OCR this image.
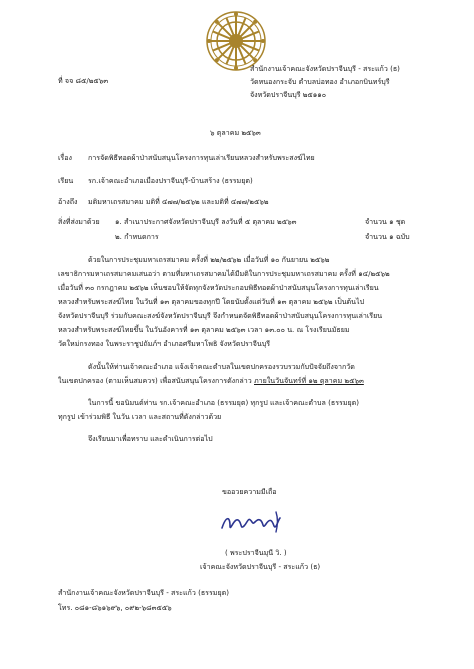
ที่ จจ ๘๕/๒๕๖๓
สำนักงานเจ้าคณะจังหวัดปราจีนบุรี - สระแก้ว (ธ)
วัดหนองกระจับ ตำบลบ่อทอง อำเภอกบินทร์บุรี
จังหวัดปราจีนบุรี ๒๕๑๑๐
๖ ตุลาคม ๒๕๖๓
เรื่อง การจัดพิธีทอดผ้าป่าสนับสนุนโครงการทุนเล่าเรียนหลวงสำหรับพระสงฆ์ไทย
เรียน รก.เจ้าคณะอำเภอเมืองปราจีนบุรี-บ้านสร้าง (ธรรมยุต)
อ้างถึง มติมหาเถรสมาคม มติที่ ๔๗๗/๒๕๖๒ และมติที่ ๔๗๗/๒๕๖๒
สิ่งที่ส่งมาด้วย ๑. สำเนาประกาศจังหวัดปราจีนบุรี ลงวันที่ ๕ ตุลาคม ๒๕๖๓	จำนวน ๑ ชุด
๒. กำหนดการ	จำนวน ๑ ฉบับ
ด้วยในการประชุมมหาเถรสมาคม ครั้งที่ ๒๒/๒๕๖๒ เมื่อวันที่ ๑๐ กันยายน ๒๕๖๒
เลขาธิการมหาเถรสมาคมเสนอว่า ตามที่มหาเถรสมาคมได้มีมติในการประชุมมหาเถรสมาคม ครั้งที่ ๑๔/๒๕๖๒
เมื่อวันที่ ๓๐ กรกฎาคม ๒๕๖๒ เห็นชอบให้จัดทุกจังหวัดประกอบพิธีทอดผ้าป่าสนับสนุนโครงการทุนเล่าเรียน
หลวงสำหรับพระสงฆ์ไทย ในวันที่ ๑๓ ตุลาคมของทุกปี โดยนับตั้งแต่วันที่ ๑๓ ตุลาคม ๒๕๖๒ เป็นต้นไป
จังหวัดปราจีนบุรี ร่วมกับคณะสงฆ์จังหวัดปราจีนบุรี จึงกำหนดจัดพิธีทอดผ้าป่าสนับสนุนโครงการทุนเล่าเรียน
หลวงสำหรับพระสงฆ์ไทยขึ้น ในวันอังคารที่ ๑๓ ตุลาคม ๒๕๖๓ เวลา ๑๓.๐๐ น. ณ โรงเรียนมัธยม
วัดใหม่กรงทอง ในพระราชูปถัมภ์ฯ อำเภอศรีมหาโพธิ จังหวัดปราจีนบุรี
ดังนั้นให้ท่านเจ้าคณะอำเภอ แจ้งเจ้าคณะตำบลในเขตปกครองรวบรวมกับปัจจัยถึงจากวัด
ในเขตปกครอง (ตามเห็นสมควร) เพื่อสนับสนุนโครงการดังกล่าว ภายในวันจันทร์ที่ ๑๒ ตุลาคม ๒๕๖๓
ในการนี้ ขอนิมนต์ท่าน รก.เจ้าคณะอำเภอ (ธรรมยุต) ทุกรูป และเจ้าคณะตำบล (ธรรมยุต)
ทุกรูป เข้าร่วมพิธี ในวัน เวลา และสถานที่ดังกล่าวด้วย
จึงเรียนมาเพื่อทราบ และดำเนินการต่อไป
ขออวยความมีเถือ
( พระปราจีนมุนี วิ. )
เจ้าคณะจังหวัดปราจีนบุรี - สระแก้ว (ธ)
สำนักงานเจ้าคณะจังหวัดปราจีนบุรี - สระแก้ว (ธรรมยุต)
โทร. ๐๘๑-๘๖๑๖๙๖, ๐๙๒-๖๘๓๕๕๖
